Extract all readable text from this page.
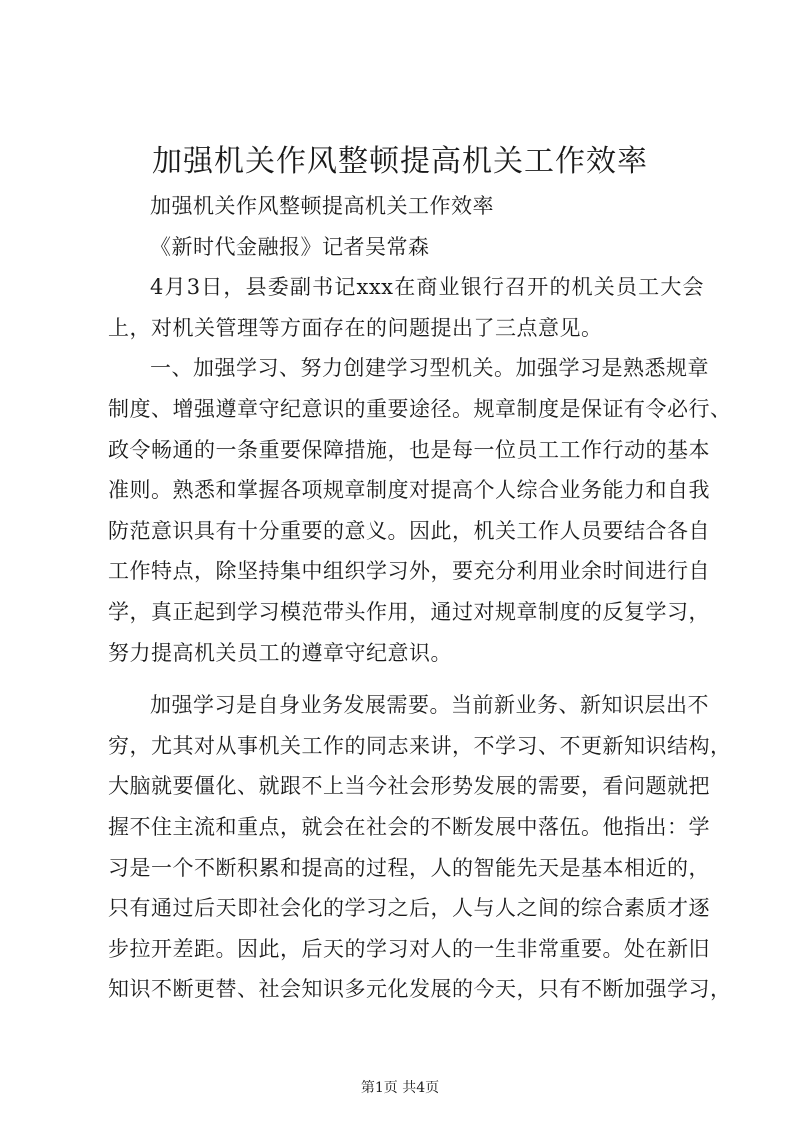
加强机关作风整顿提高机关工作效率
加强机关作风整顿提高机关工作效率
《新时代金融报》记者吴常森
4月3日，县委副书记xxx在商业银行召开的机关员工大会
上，对机关管理等方面存在的问题提出了三点意见。
一、加强学习、努力创建学习型机关。加强学习是熟悉规章
制度、增强遵章守纪意识的重要途径。规章制度是保证有令必行、
政令畅通的一条重要保障措施，也是每一位员工工作行动的基本
准则。熟悉和掌握各项规章制度对提高个人综合业务能力和自我
防范意识具有十分重要的意义。因此，机关工作人员要结合各自
工作特点，除坚持集中组织学习外，要充分利用业余时间进行自
学，真正起到学习模范带头作用，通过对规章制度的反复学习，
努力提高机关员工的遵章守纪意识。
加强学习是自身业务发展需要。当前新业务、新知识层出不
穷，尤其对从事机关工作的同志来讲，不学习、不更新知识结构，
大脑就要僵化、就跟不上当今社会形势发展的需要，看问题就把
握不住主流和重点，就会在社会的不断发展中落伍。他指出：学
习是一个不断积累和提高的过程，人的智能先天是基本相近的，
只有通过后天即社会化的学习之后，人与人之间的综合素质才逐
步拉开差距。因此，后天的学习对人的一生非常重要。处在新旧
知识不断更替、社会知识多元化发展的今天，只有不断加强学习，
第1页 共4页
